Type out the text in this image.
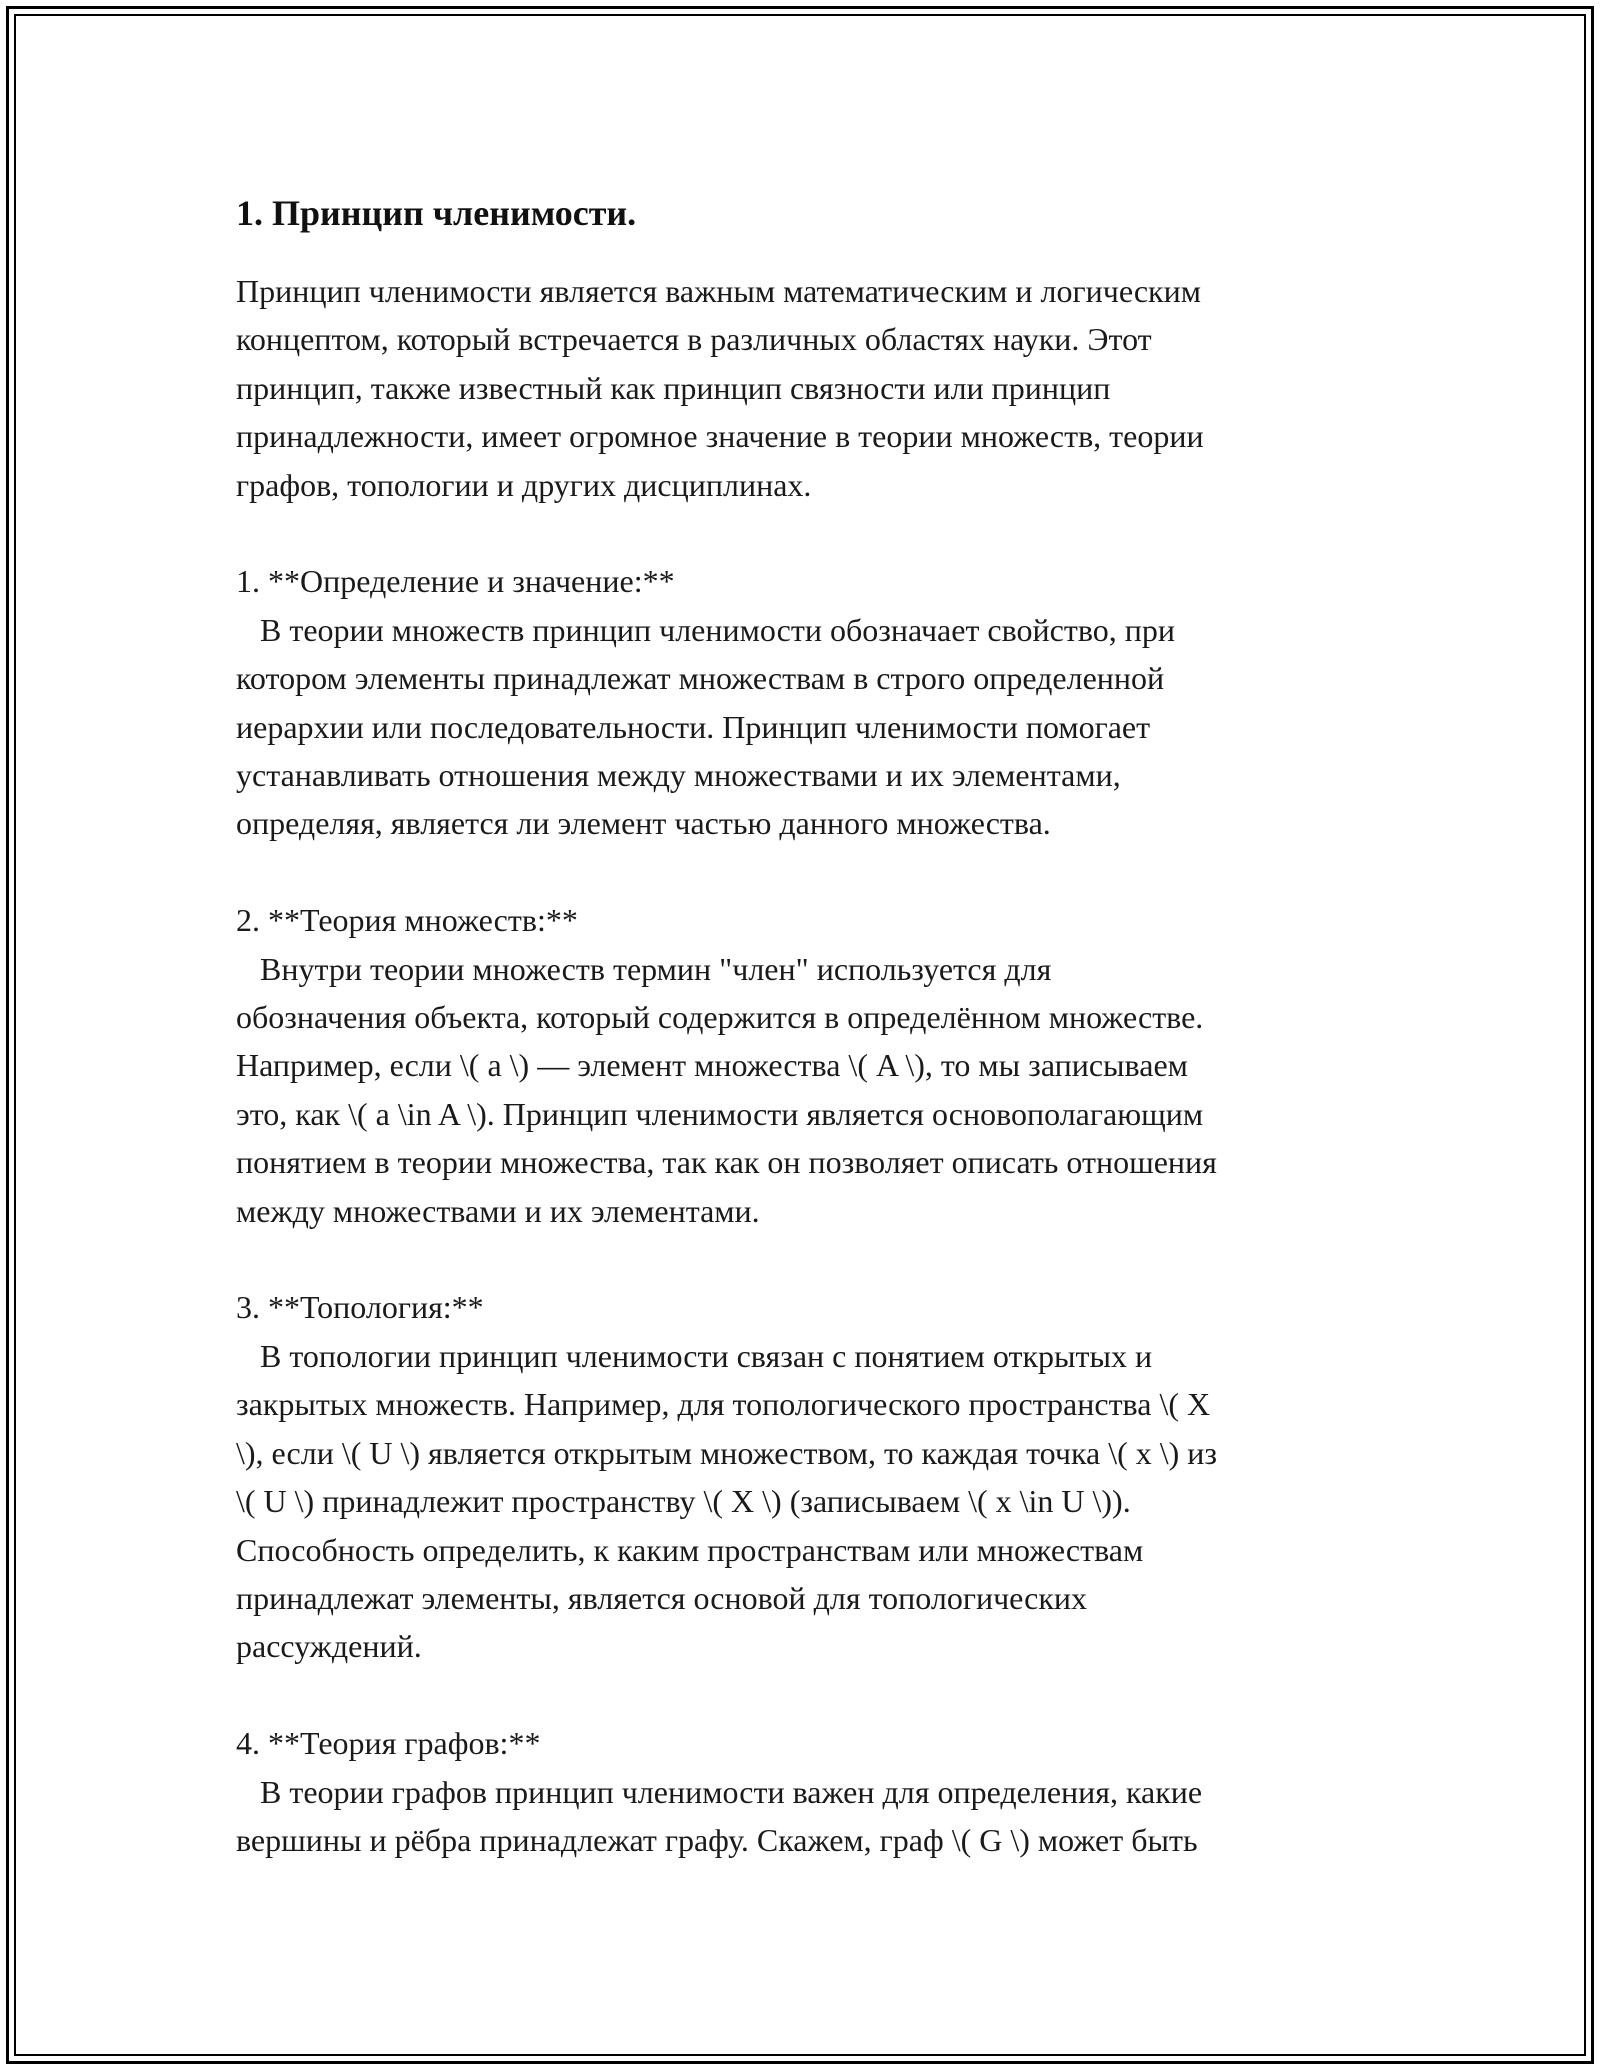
1. Принцип членимости.
Принцип членимости является важным математическим и логическим
концептом, который встречается в различных областях науки. Этот
принцип, также известный как принцип связности или принцип
принадлежности, имеет огромное значение в теории множеств, теории
графов, топологии и других дисциплинах.
1. **Определение и значение:**
В теории множеств принцип членимости обозначает свойство, при
котором элементы принадлежат множествам в строго определенной
иерархии или последовательности. Принцип членимости помогает
устанавливать отношения между множествами и их элементами,
определяя, является ли элемент частью данного множества.
2. **Теория множеств:**
Внутри теории множеств термин "член" используется для
обозначения объекта, который содержится в определённом множестве.
Например, если \( a \) — элемент множества \( A \), то мы записываем
это, как \( a \in A \). Принцип членимости является основополагающим
понятием в теории множества, так как он позволяет описать отношения
между множествами и их элементами.
3. **Топология:**
В топологии принцип членимости связан с понятием открытых и
закрытых множеств. Например, для топологического пространства \( X
\), если \( U \) является открытым множеством, то каждая точка \( x \) из
\( U \) принадлежит пространству \( X \) (записываем \( x \in U \)).
Способность определить, к каким пространствам или множествам
принадлежат элементы, является основой для топологических
рассуждений.
4. **Теория графов:**
В теории графов принцип членимости важен для определения, какие
вершины и рёбра принадлежат графу. Скажем, граф \( G \) может быть
